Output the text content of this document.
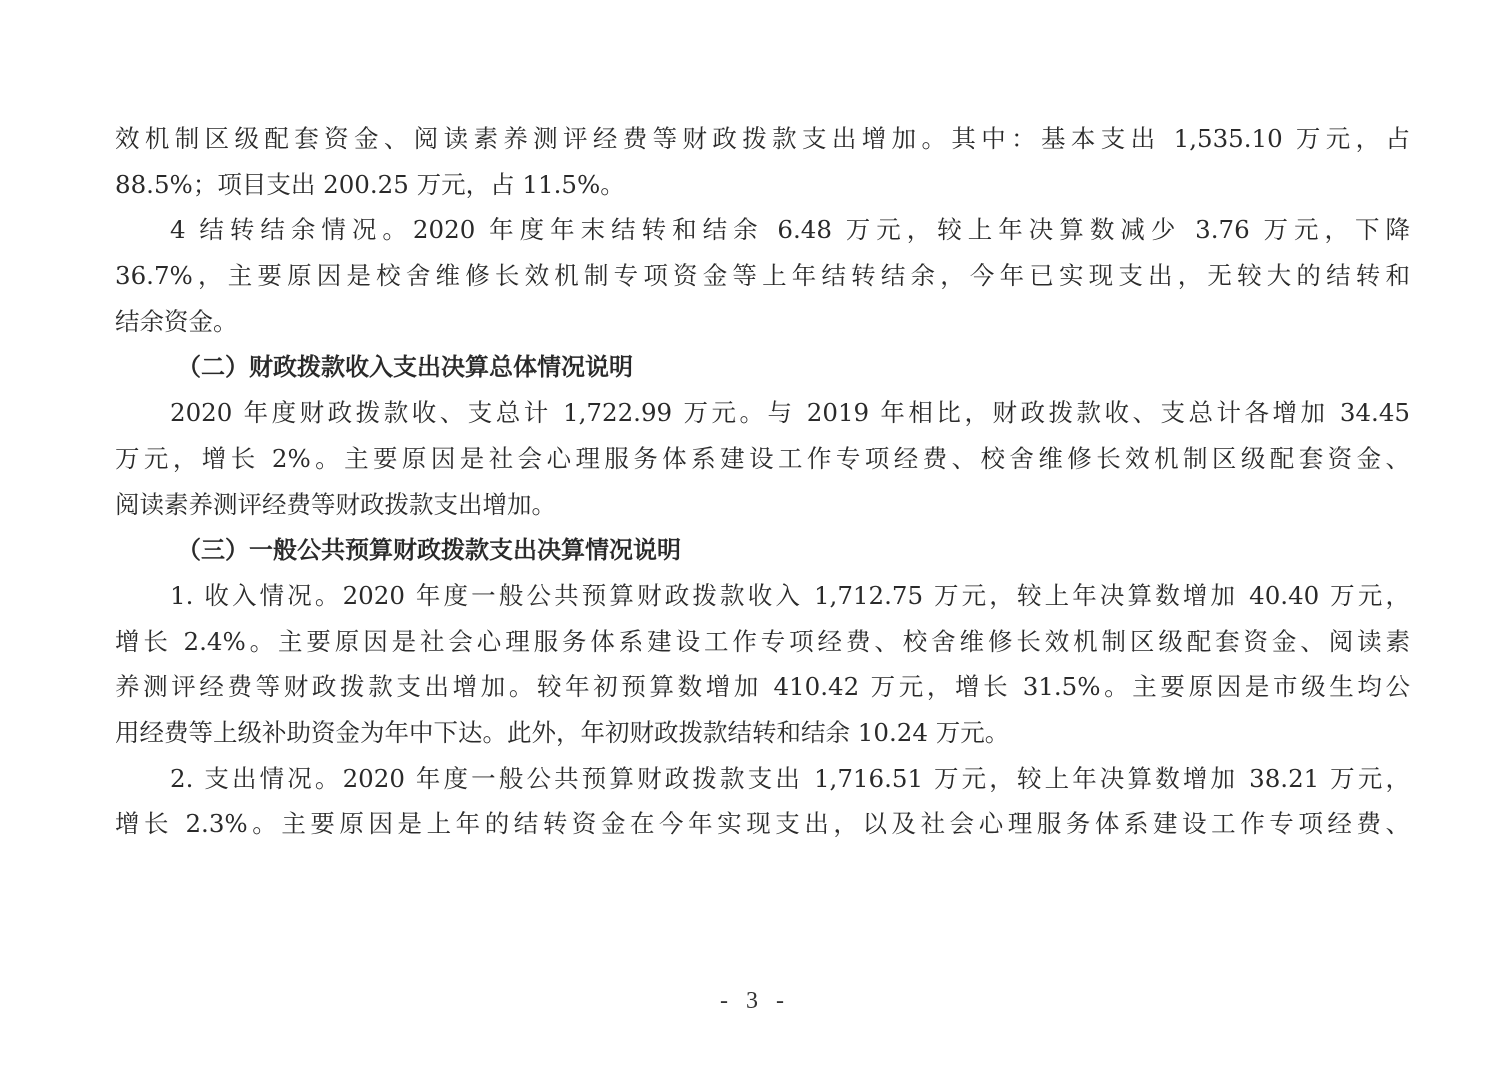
效机制区级配套资金、阅读素养测评经费等财政拨款支出增加。其中：基本支出 1,535.10 万元，占
88.5%；项目支出 200.25 万元，占 11.5%。
4 结转结余情况。2020 年度年末结转和结余 6.48 万元，较上年决算数减少 3.76 万元，下降
36.7%，主要原因是校舍维修长效机制专项资金等上年结转结余，今年已实现支出，无较大的结转和
结余资金。
（二）财政拨款收入支出决算总体情况说明
2020 年度财政拨款收、支总计 1,722.99 万元。与 2019 年相比，财政拨款收、支总计各增加 34.45
万元，增长 2%。主要原因是社会心理服务体系建设工作专项经费、校舍维修长效机制区级配套资金、
阅读素养测评经费等财政拨款支出增加。
（三）一般公共预算财政拨款支出决算情况说明
1. 收入情况。2020 年度一般公共预算财政拨款收入 1,712.75 万元，较上年决算数增加 40.40 万元，
增长 2.4%。主要原因是社会心理服务体系建设工作专项经费、校舍维修长效机制区级配套资金、阅读素
养测评经费等财政拨款支出增加。较年初预算数增加 410.42 万元，增长 31.5%。主要原因是市级生均公
用经费等上级补助资金为年中下达。此外，年初财政拨款结转和结余 10.24 万元。
2. 支出情况。2020 年度一般公共预算财政拨款支出 1,716.51 万元，较上年决算数增加 38.21 万元，
增长 2.3%。主要原因是上年的结转资金在今年实现支出，以及社会心理服务体系建设工作专项经费、
- 3 -
